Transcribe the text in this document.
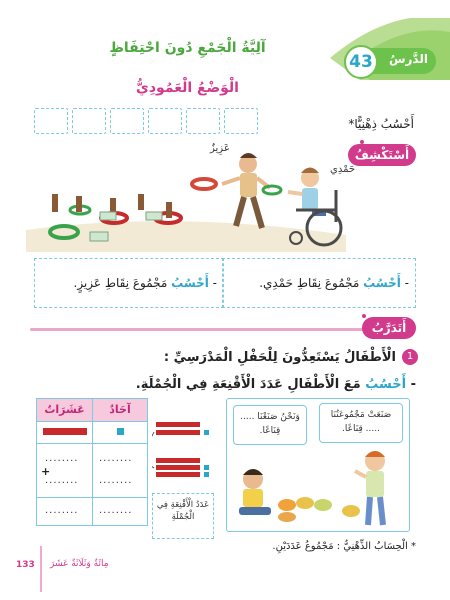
الدَّرسُ
43
آلِيَّةُ الْجَمْعِ دُونَ احْتِفَاظٍ
الْوَضْعُ الْعَمُودِيُّ
أَحْسُبُ ذِهْنِيًّا*
أَسْتَكْشِفُ
عَزِيزٌ
حَمْدِي
- أَحْسُبُ مَجْمُوعَ نِقَاطِ حَمْدِي.
- أَحْسُبُ مَجْمُوعَ نِقَاطِ عَزِيزٍ.
أَتَدَرَّبُ
1
الْأَطْفَالُ يَسْتَعِدُّونَ لِلْحَفْلِ الْمَدْرَسِيِّ :
- أَحْسُبُ مَعَ الْأَطْفَالِ عَدَدَ الْأَقْنِعَةِ فِي الْجُمْلَةِ.
عَشَرَاتٌ	آحَادٌ
........ ........
+
........ ........
........ ........	عَدَدُ الْأَقْنِعَةِ فِي الْجُمْلَةِ
وَنَحْنُ صَنَعْنَا .....
قِنَاعًا.
صَنَعَتْ مَجْمُوعَتُنَا
..... قِنَاعًا.
* الْحِسَابُ الذِّهْنِيُّ : مَجْمُوعُ عَدَدَيْنِ.
133 مِائَةٌ وَثَلَاثَةٌ عَشَرَ
